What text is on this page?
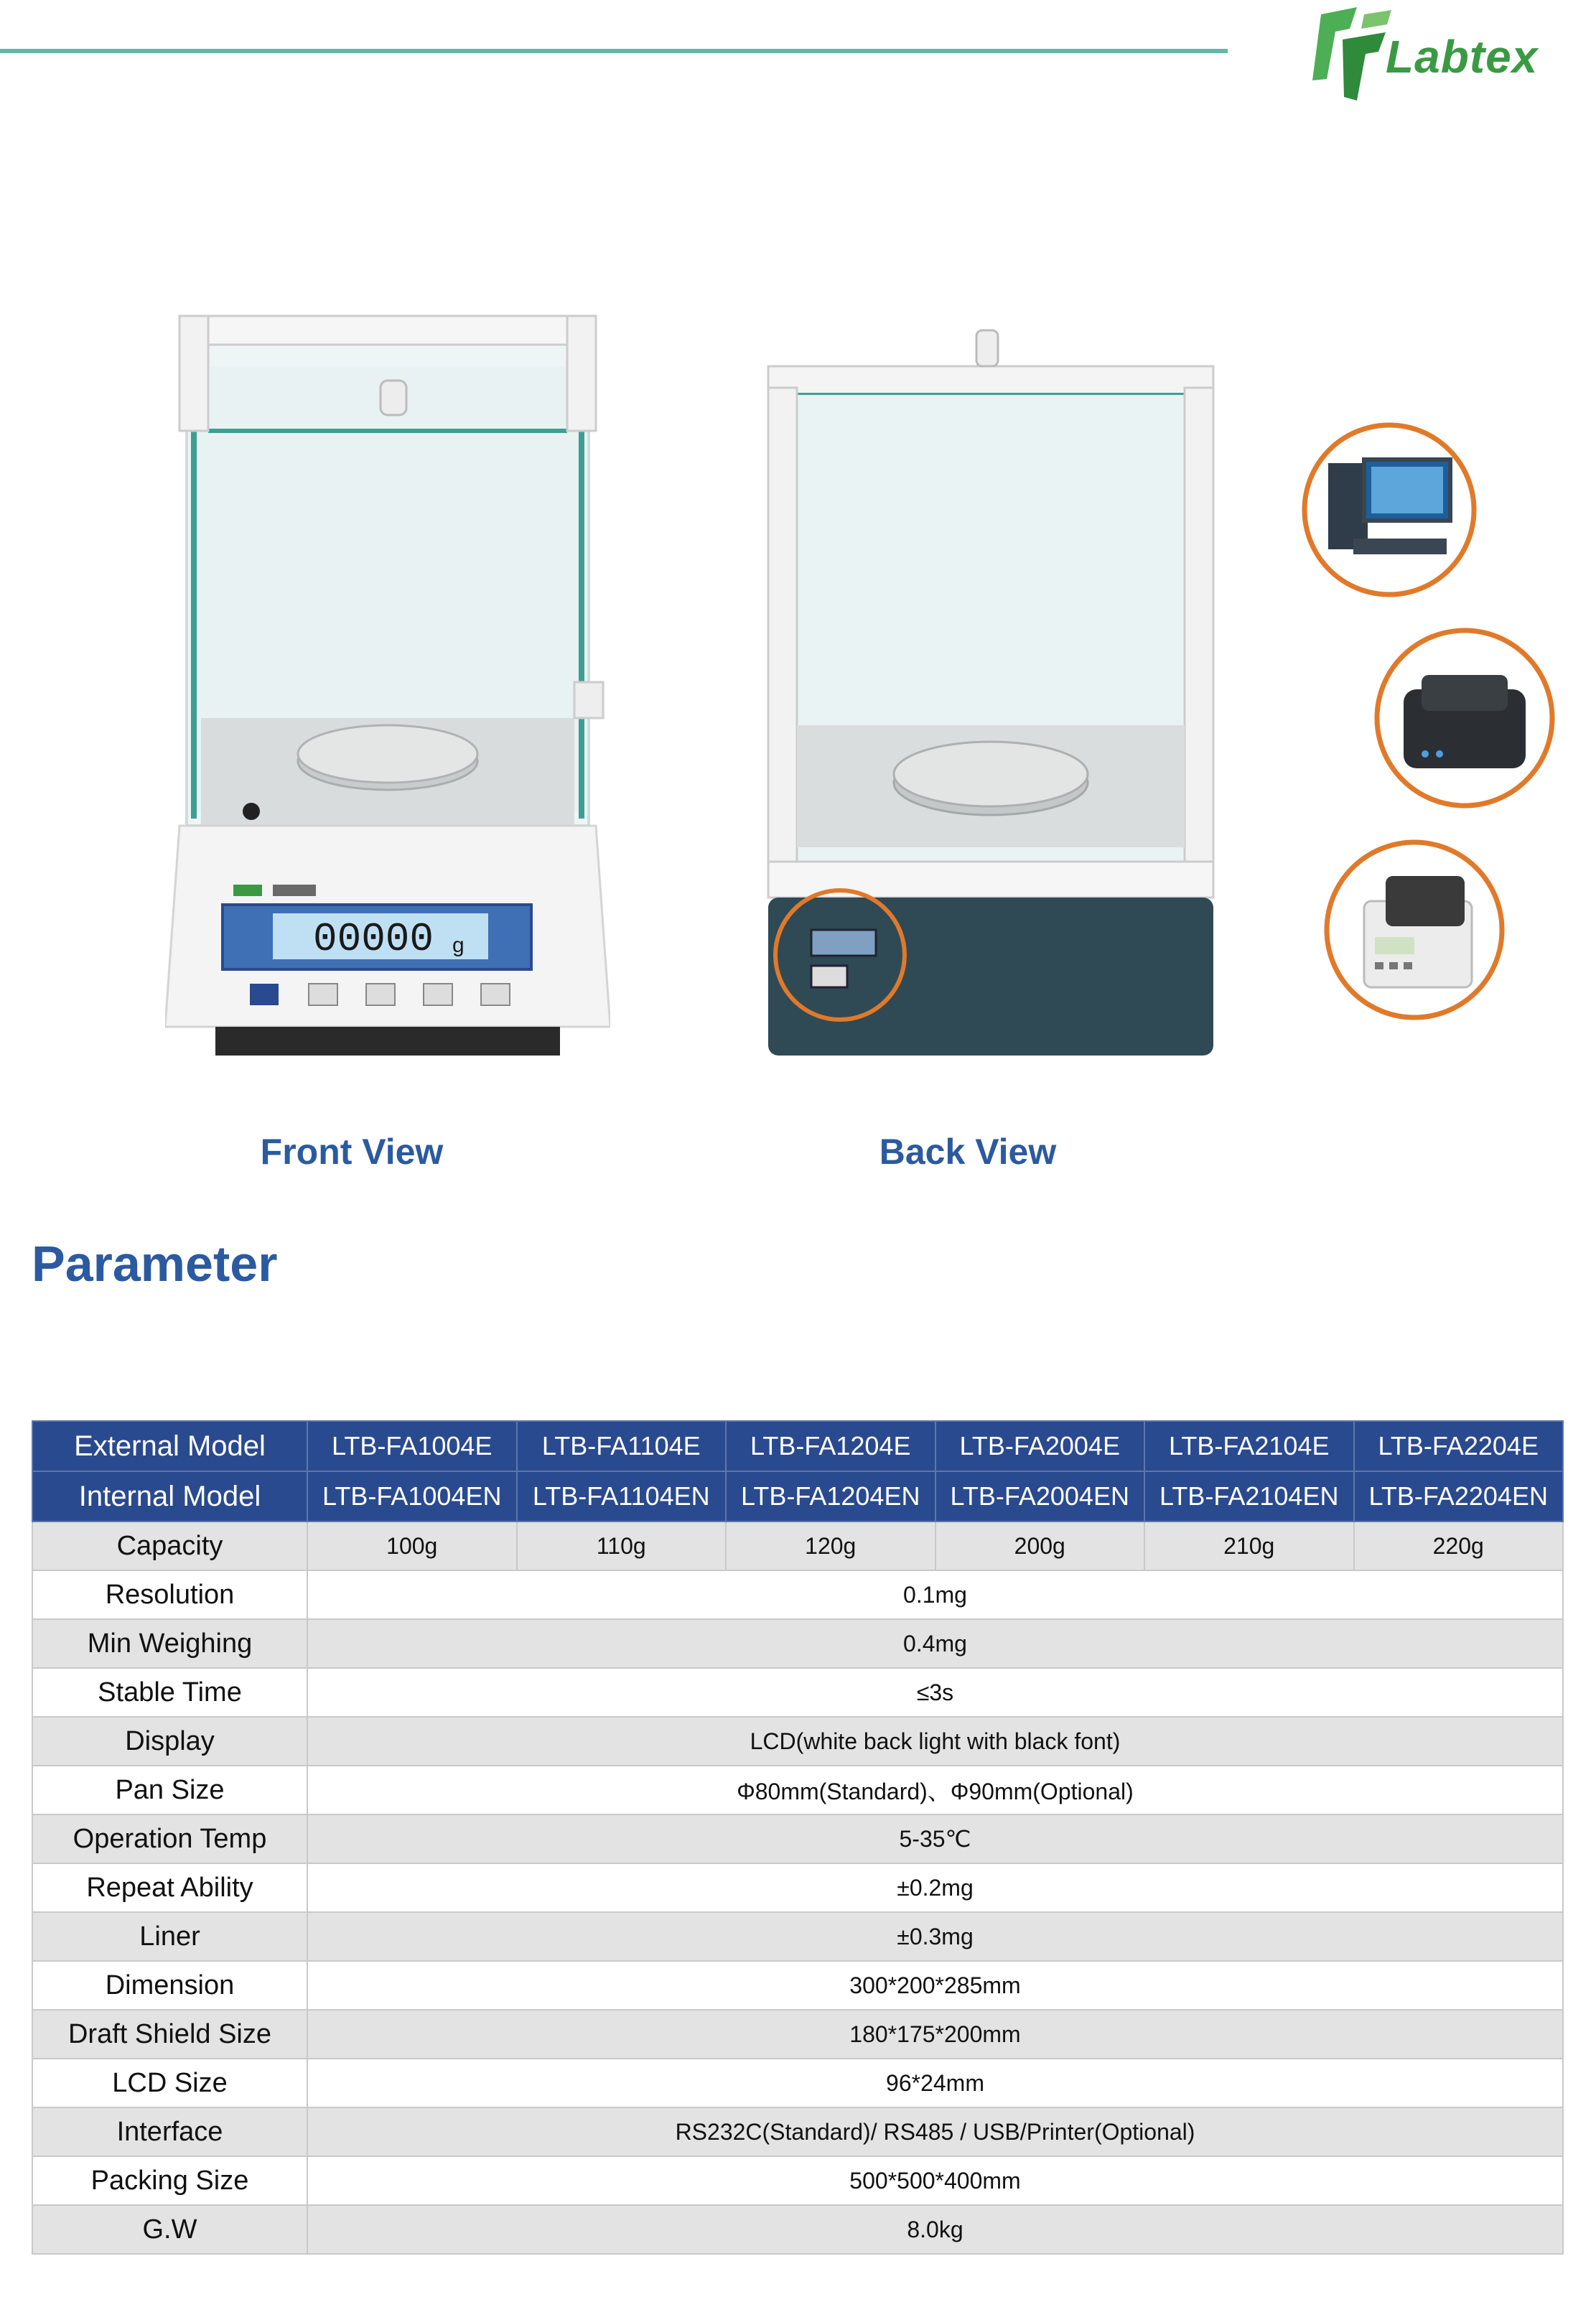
Labtex
00000 g
Front View	Back View
Parameter
External Model	LTB-FA1004E	LTB-FA1104E	LTB-FA1204E	LTB-FA2004E	LTB-FA2104E	LTB-FA2204E
Internal Model	LTB-FA1004EN	LTB-FA1104EN	LTB-FA1204EN	LTB-FA2004EN	LTB-FA2104EN	LTB-FA2204EN
Capacity	100g	110g	120g	200g	210g	220g
Resolution	0.1mg					
Min Weighing	0.4mg					
Stable Time	≤3s					
Display	LCD(white back light with black font)					
Pan Size	Φ80mm(Standard)、Φ90mm(Optional)					
Operation Temp	5-35℃					
Repeat Ability	±0.2mg					
Liner	±0.3mg					
Dimension	300*200*285mm					
Draft Shield Size	180*175*200mm					
LCD Size	96*24mm					
Interface	RS232C(Standard)/ RS485 / USB/Printer(Optional)					
Packing Size	500*500*400mm					
G.W	8.0kg					
